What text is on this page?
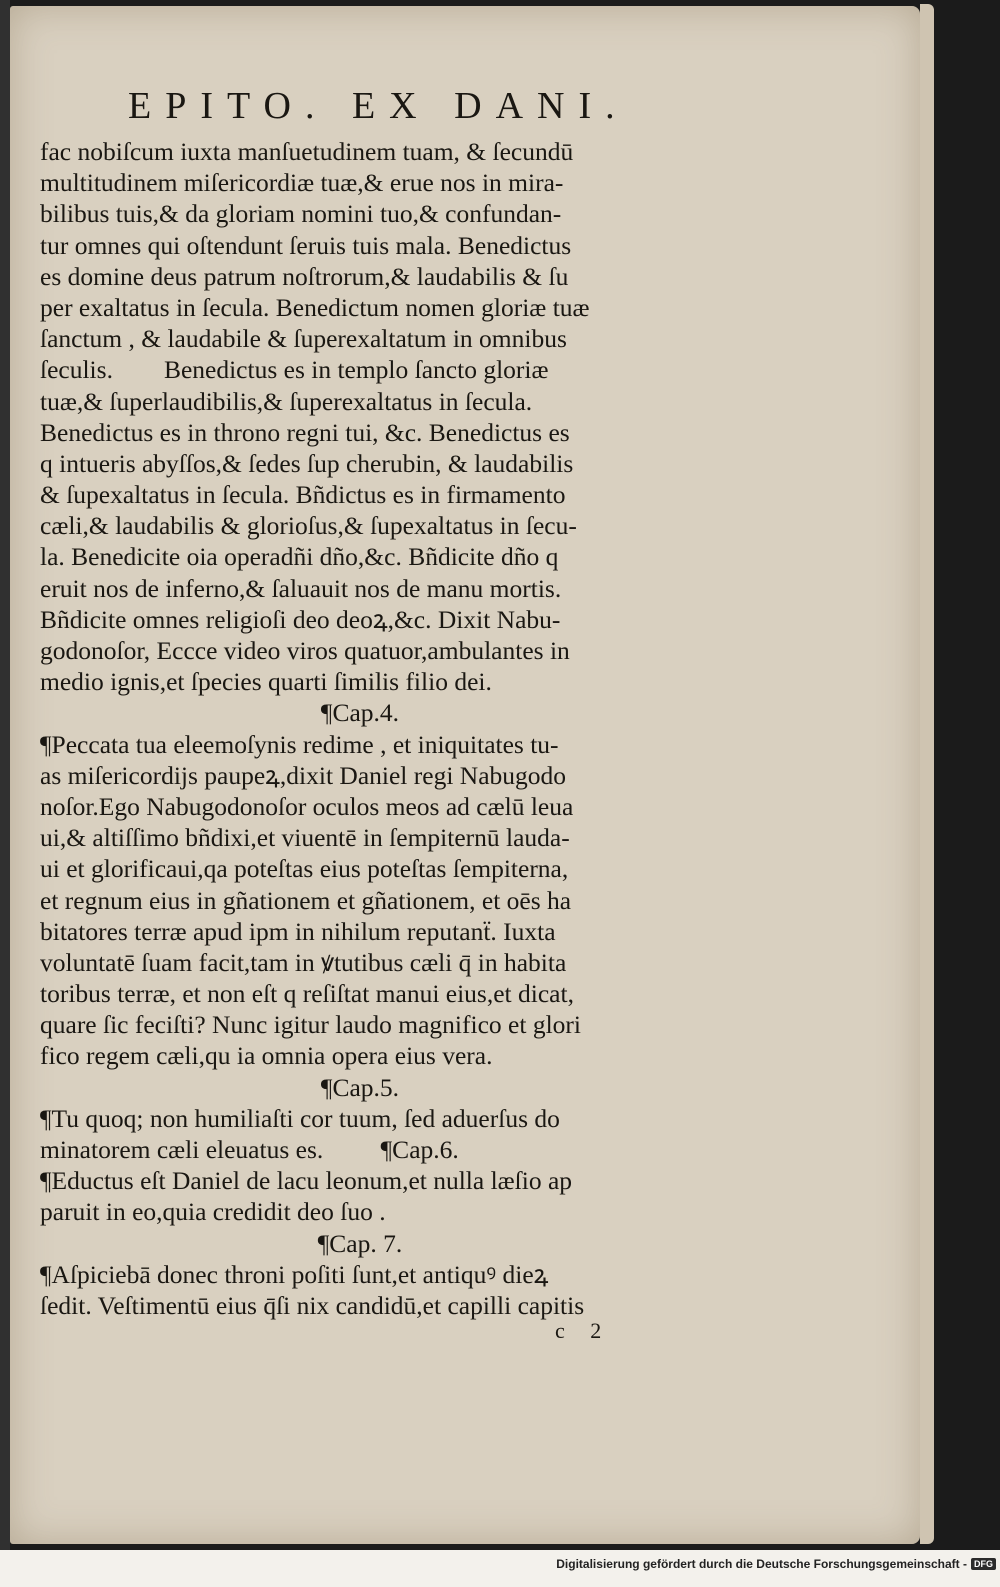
EPITO. EX DANI.
fac nobiſcum iuxta manſuetudinem tuam, & ſecundū
multitudinem miſericordiæ tuæ,& erue nos in mira-
bilibus tuis,& da gloriam nomini tuo,& confundan-
tur omnes qui oſtendunt ſeruis tuis mala. Benedictus
es domine deus patrum noſtrorum,& laudabilis & ſu
per exaltatus in ſecula. Benedictum nomen gloriæ tuæ
ſanctum , & laudabile & ſuperexaltatum in omnibus
ſeculis.        Benedictus es in templo ſancto gloriæ
tuæ,& ſuperlaudibilis,& ſuperexaltatus in ſecula.
Benedictus es in throno regni tui, &c. Benedictus es
q intueris abyſſos,& ſedes ſup cherubin, & laudabilis
& ſupexaltatus in ſecula. Bñdictus es in firmamento
cæli,& laudabilis & glorioſus,& ſupexaltatus in ſecu-
la. Benedicite oia operadñi dño,&c. Bñdicite dño q
eruit nos de inferno,& ſaluauit nos de manu mortis.
Bñdicite omnes religioſi deo deoꝝ,&c. Dixit Nabu-
godonoſor, Eccce video viros quatuor,ambulantes in
medio ignis,et ſpecies quarti ſimilis filio dei.
¶Cap.4.
¶Peccata tua eleemoſynis redime , et iniquitates tu-
as miſericordijs paupeꝝ,dixit Daniel regi Nabugodo
noſor.Ego Nabugodonoſor oculos meos ad cælū leua
ui,& altiſſimo bñdixi,et viuentē in ſempiternū lauda-
ui et glorificaui,qa poteſtas eius poteſtas ſempiterna,
et regnum eius in gñationem et gñationem, et oēs ha
bitatores terræ apud ipm in nihilum reputanẗ. Iuxta
voluntatē ſuam facit,tam in ꝟtutibus cæli q̄ in habita
toribus terræ, et non eſt q reſiſtat manui eius,et dicat,
quare ſic feciſti? Nunc igitur laudo magnifico et glori
fico regem cæli,qu ia omnia opera eius vera.
¶Cap.5.
¶Tu quoq; non humiliaſti cor tuum, ſed aduerſus do
minatorem cæli eleuatus es.         ¶Cap.6.
¶Eductus eſt Daniel de lacu leonum,et nulla læſio ap
paruit in eo,quia credidit deo ſuo .
¶Cap. 7.
¶Aſpiciebā donec throni poſiti ſunt,et antiquꝰ dieꝝ
ſedit. Veſtimentū eius q̄ſi nix candidū,et capilli capitis
c 2
Digitalisierung gefördert durch die Deutsche Forschungsgemeinschaft - DFG
